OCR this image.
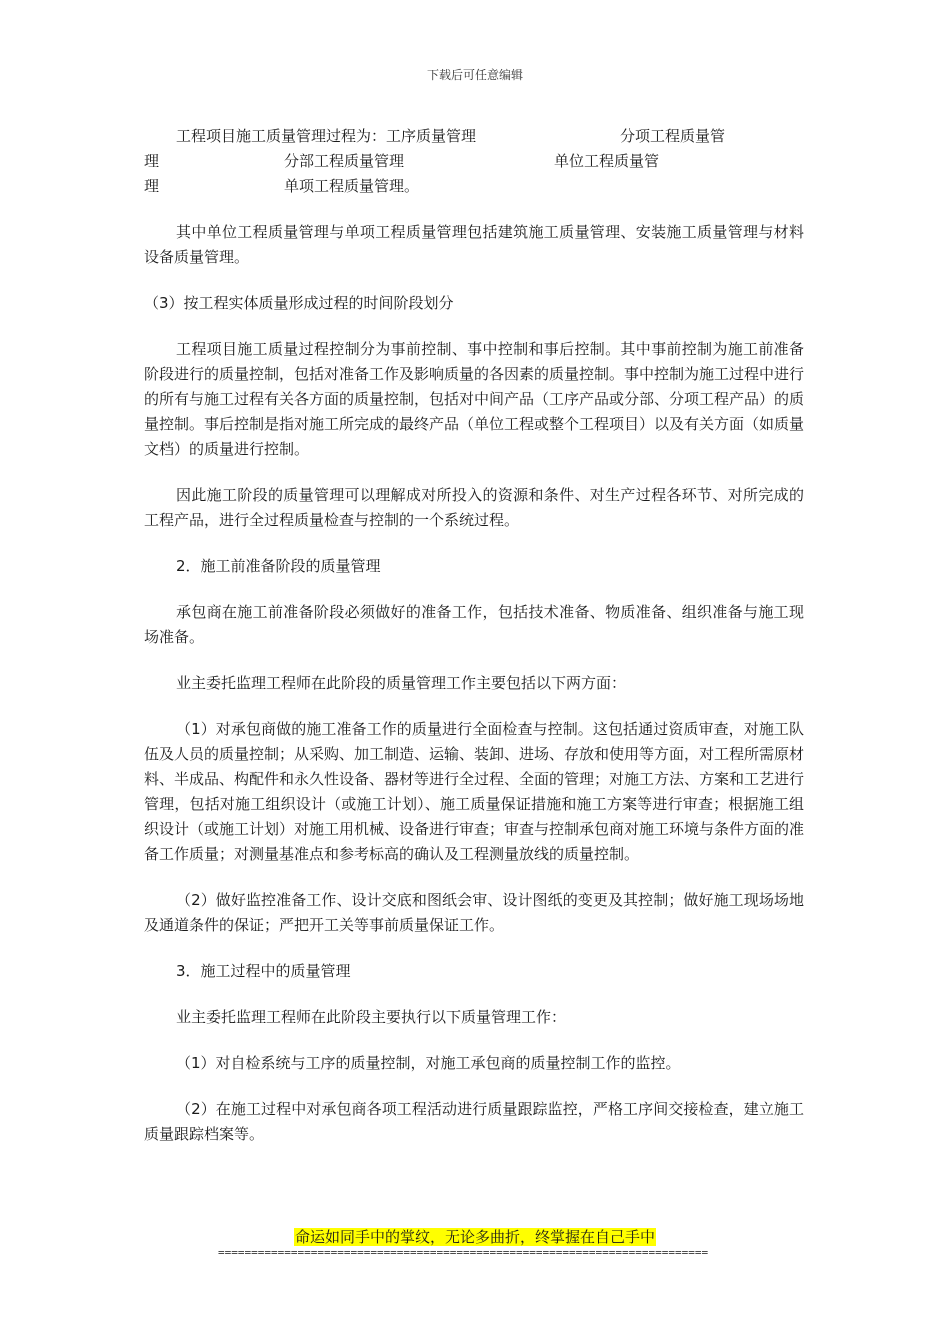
下载后可任意编辑
工程项目施工质量管理过程为：工序质量管理	分项工程质量管
理	分部工程质量管理	单位工程质量管
理	单项工程质量管理。

其中单位工程质量管理与单项工程质量管理包括建筑施工质量管理、安装施工质量管理与材料设备质量管理。

（3）按工程实体质量形成过程的时间阶段划分

工程项目施工质量过程控制分为事前控制、事中控制和事后控制。其中事前控制为施工前准备阶段进行的质量控制，包括对准备工作及影响质量的各因素的质量控制。事中控制为施工过程中进行的所有与施工过程有关各方面的质量控制，包括对中间产品（工序产品或分部、分项工程产品）的质量控制。事后控制是指对施工所完成的最终产品（单位工程或整个工程项目）以及有关方面（如质量文档）的质量进行控制。

因此施工阶段的质量管理可以理解成对所投入的资源和条件、对生产过程各环节、对所完成的工程产品，进行全过程质量检查与控制的一个系统过程。

2．施工前准备阶段的质量管理

承包商在施工前准备阶段必须做好的准备工作，包括技术准备、物质准备、组织准备与施工现场准备。

业主委托监理工程师在此阶段的质量管理工作主要包括以下两方面：

（1）对承包商做的施工准备工作的质量进行全面检查与控制。这包括通过资质审查，对施工队伍及人员的质量控制；从采购、加工制造、运输、装卸、进场、存放和使用等方面，对工程所需原材料、半成品、构配件和永久性设备、器材等进行全过程、全面的管理；对施工方法、方案和工艺进行管理，包括对施工组织设计（或施工计划）、施工质量保证措施和施工方案等进行审查；根据施工组织设计（或施工计划）对施工用机械、设备进行审查；审查与控制承包商对施工环境与条件方面的准备工作质量；对测量基准点和参考标高的确认及工程测量放线的质量控制。

（2）做好监控准备工作、设计交底和图纸会审、设计图纸的变更及其控制；做好施工现场场地及通道条件的保证；严把开工关等事前质量保证工作。

3．施工过程中的质量管理

业主委托监理工程师在此阶段主要执行以下质量管理工作：

（1）对自检系统与工序的质量控制，对施工承包商的质量控制工作的监控。

（2）在施工过程中对承包商各项工程活动进行质量跟踪监控，严格工序间交接检查，建立施工质量跟踪档案等。

命运如同手中的掌纹，无论多曲折，终掌握在自己手中
==========================================================================
